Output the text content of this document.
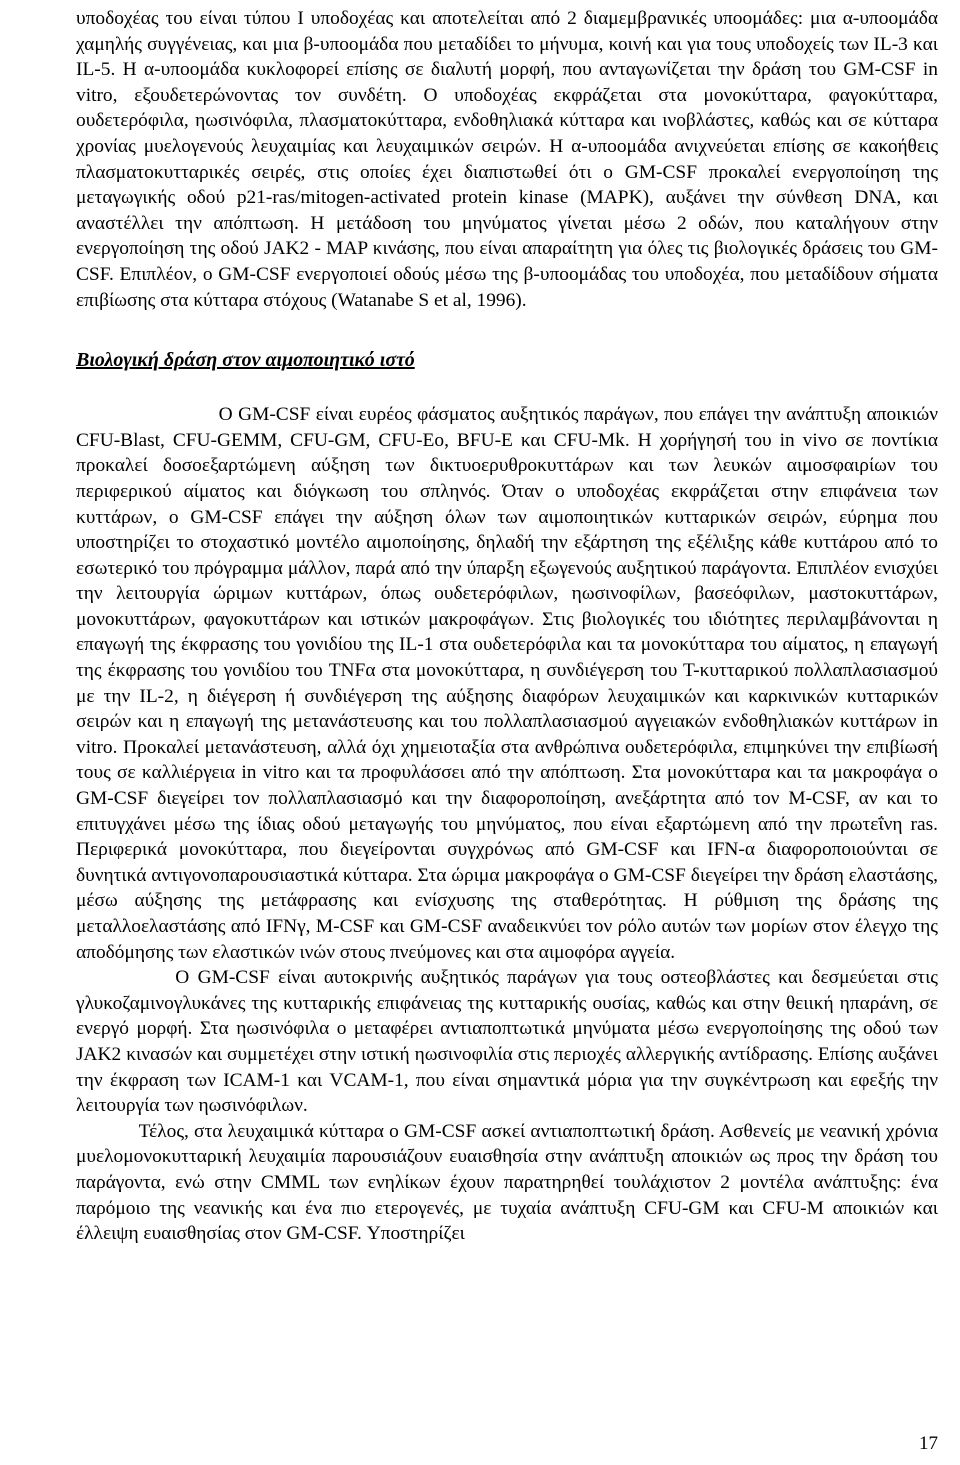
υποδοχέας του είναι τύπου Ι υποδοχέας και αποτελείται από 2 διαμεμβρανικές υποομάδες: μια α-υποομάδα χαμηλής συγγένειας, και μια β-υποομάδα που μεταδίδει το μήνυμα, κοινή και για τους υποδοχείς των IL-3 και IL-5. Η α-υποομάδα κυκλοφορεί επίσης σε διαλυτή μορφή, που ανταγωνίζεται την δράση του GM-CSF in vitro, εξουδετερώνοντας τον συνδέτη. Ο υποδοχέας εκφράζεται στα μονοκύτταρα, φαγοκύτταρα, ουδετερόφιλα, ηωσινόφιλα, πλασματοκύτταρα, ενδοθηλιακά κύτταρα και ινοβλάστες, καθώς και σε κύτταρα χρονίας μυελογενούς λευχαιμίας και λευχαιμικών σειρών. Η α-υποομάδα ανιχνεύεται επίσης σε κακοήθεις πλασματοκυτταρικές σειρές, στις οποίες έχει διαπιστωθεί ότι ο GM-CSF προκαλεί ενεργοποίηση της μεταγωγικής οδού p21-ras/mitogen-activated protein kinase (MAPK), αυξάνει την σύνθεση DNA, και αναστέλλει την απόπτωση. Η μετάδοση του μηνύματος γίνεται μέσω 2 οδών, που καταλήγουν στην ενεργοποίηση της οδού JAK2 - MAP κινάσης, που είναι απαραίτητη για όλες τις βιολογικές δράσεις του GM-CSF. Επιπλέον, ο GM-CSF ενεργοποιεί οδούς μέσω της β-υποομάδας του υποδοχέα, που μεταδίδουν σήματα επιβίωσης στα κύτταρα στόχους (Watanabe S et al, 1996).

Βιολογική δράση στον αιμοποιητικό ιστό

Ο GM-CSF είναι ευρέος φάσματος αυξητικός παράγων, που επάγει την ανάπτυξη αποικιών CFU-Blast, CFU-GEMM, CFU-GM, CFU-Eo, BFU-E και CFU-Mk. Η χορήγησή του in vivo σε ποντίκια προκαλεί δοσοεξαρτώμενη αύξηση των δικτυοερυθροκυττάρων και των λευκών αιμοσφαιρίων του περιφερικού αίματος και διόγκωση του σπληνός. Όταν ο υποδοχέας εκφράζεται στην επιφάνεια των κυττάρων, ο GM-CSF επάγει την αύξηση όλων των αιμοποιητικών κυτταρικών σειρών, εύρημα που υποστηρίζει το στοχαστικό μοντέλο αιμοποίησης, δηλαδή την εξάρτηση της εξέλιξης κάθε κυττάρου από το εσωτερικό του πρόγραμμα μάλλον, παρά από την ύπαρξη εξωγενούς αυξητικού παράγοντα. Επιπλέον ενισχύει την λειτουργία ώριμων κυττάρων, όπως ουδετερόφιλων, ηωσινοφίλων, βασεόφιλων, μαστοκυττάρων, μονοκυττάρων, φαγοκυττάρων και ιστικών μακροφάγων. Στις βιολογικές του ιδιότητες περιλαμβάνονται η επαγωγή της έκφρασης του γονιδίου της IL-1 στα ουδετερόφιλα και τα μονοκύτταρα του αίματος, η επαγωγή της έκφρασης του γονιδίου του TNFα στα μονοκύτταρα, η συνδιέγερση του Τ-κυτταρικού πολλαπλασιασμού με την IL-2, η διέγερση ή συνδιέγερση της αύξησης διαφόρων λευχαιμικών και καρκινικών κυτταρικών σειρών και η επαγωγή της μετανάστευσης και του πολλαπλασιασμού αγγειακών ενδοθηλιακών κυττάρων in vitro. Προκαλεί μετανάστευση, αλλά όχι χημειοταξία στα ανθρώπινα ουδετερόφιλα, επιμηκύνει την επιβίωσή τους σε καλλιέργεια in vitro και τα προφυλάσσει από την απόπτωση. Στα μονοκύτταρα και τα μακροφάγα ο GM-CSF διεγείρει τον πολλαπλασιασμό και την διαφοροποίηση, ανεξάρτητα από τον M-CSF, αν και το επιτυγχάνει μέσω της ίδιας οδού μεταγωγής του μηνύματος, που είναι εξαρτώμενη από την πρωτεΐνη ras. Περιφερικά μονοκύτταρα, που διεγείρονται συγχρόνως από GM-CSF και IFN-α διαφοροποιούνται σε δυνητικά αντιγονοπαρουσιαστικά κύτταρα. Στα ώριμα μακροφάγα ο GM-CSF διεγείρει την δράση ελαστάσης, μέσω αύξησης της μετάφρασης και ενίσχυσης της σταθερότητας. Η ρύθμιση της δράσης της μεταλλοελαστάσης από IFNγ, M-CSF και GM-CSF αναδεικνύει τον ρόλο αυτών των μορίων στον έλεγχο της αποδόμησης των ελαστικών ινών στους πνεύμονες και στα αιμοφόρα αγγεία.

Ο GM-CSF είναι αυτοκρινής αυξητικός παράγων για τους οστεοβλάστες και δεσμεύεται στις γλυκοζαμινογλυκάνες της κυτταρικής επιφάνειας της κυτταρικής ουσίας, καθώς και στην θειική ηπαράνη, σε ενεργό μορφή. Στα ηωσινόφιλα ο μεταφέρει αντιαποπτωτικά μηνύματα μέσω ενεργοποίησης της οδού των JAK2 κινασών και συμμετέχει στην ιστική ηωσινοφιλία στις περιοχές αλλεργικής αντίδρασης. Επίσης αυξάνει την έκφραση των ICAM-1 και VCAM-1, που είναι σημαντικά μόρια για την συγκέντρωση και εφεξής την λειτουργία των ηωσινόφιλων.

Τέλος, στα λευχαιμικά κύτταρα ο GM-CSF ασκεί αντιαποπτωτική δράση. Ασθενείς με νεανική χρόνια μυελομονοκυτταρική λευχαιμία παρουσιάζουν ευαισθησία στην ανάπτυξη αποικιών ως προς την δράση του παράγοντα, ενώ στην CMML των ενηλίκων έχουν παρατηρηθεί τουλάχιστον 2 μοντέλα ανάπτυξης: ένα παρόμοιο της νεανικής και ένα πιο ετερογενές, με τυχαία ανάπτυξη CFU-GM και CFU-M αποικιών και έλλειψη ευαισθησίας στον GM-CSF. Υποστηρίζει

17
